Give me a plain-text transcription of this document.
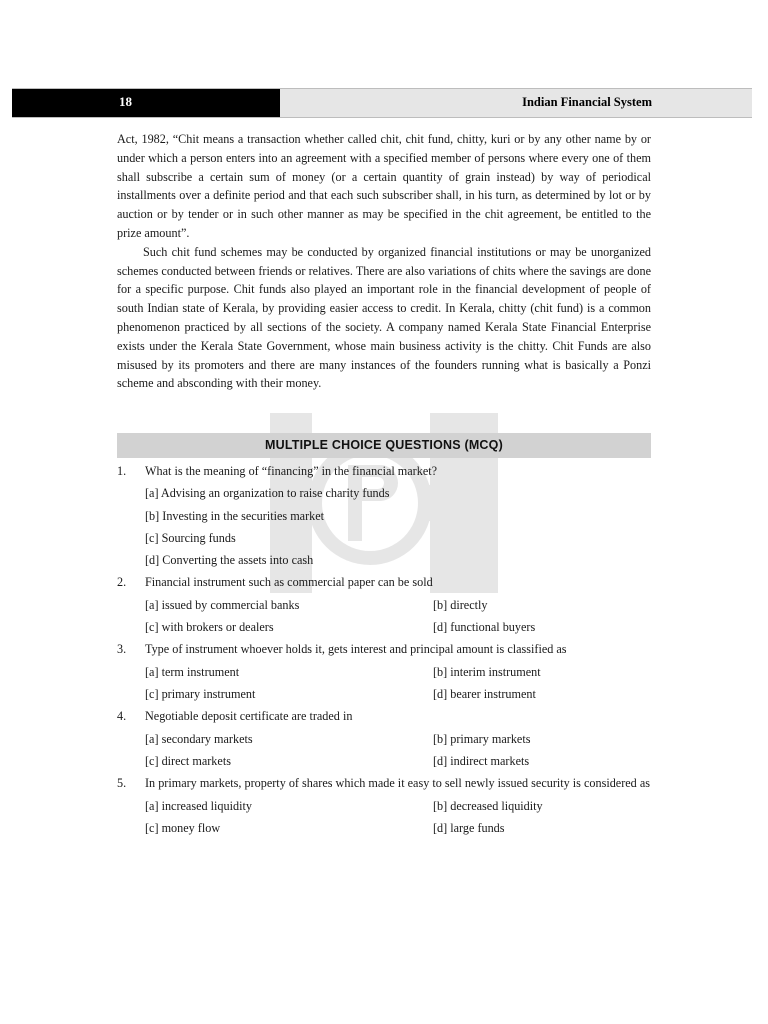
18	Indian Financial System

Act, 1982, “Chit means a transaction whether called chit, chit fund, chitty, kuri or by any other name by or under which a person enters into an agreement with a specified member of persons where every one of them shall subscribe a certain sum of money (or a certain quantity of grain instead) by way of periodical installments over a definite period and that each such subscriber shall, in his turn, as determined by lot or by auction or by tender or in such other manner as may be specified in the chit agreement, be entitled to the prize amount”.

Such chit fund schemes may be conducted by organized financial institutions or may be unorganized schemes conducted between friends or relatives. There are also variations of chits where the savings are done for a specific purpose. Chit funds also played an important role in the financial development of people of south Indian state of Kerala, by providing easier access to credit. In Kerala, chitty (chit fund) is a common phenomenon practiced by all sections of the society. A company named Kerala State Financial Enterprise exists under the Kerala State Government, whose main business activity is the chitty. Chit Funds are also misused by its promoters and there are many instances of the founders running what is basically a Ponzi scheme and absconding with their money.

MULTIPLE CHOICE QUESTIONS (MCQ)
1.	What is the meaning of “financing” in the financial market?
[a] Advising an organization to raise charity funds
[b] Investing in the securities market
[c] Sourcing funds
[d] Converting the assets into cash
2.	Financial instrument such as commercial paper can be sold
[a] issued by commercial banks	[b] directly
[c] with brokers or dealers	[d] functional buyers
3.	Type of instrument whoever holds it, gets interest and principal amount is classified as
[a] term instrument	[b] interim instrument
[c] primary instrument	[d] bearer instrument
4.	Negotiable deposit certificate are traded in
[a] secondary markets	[b] primary markets
[c] direct markets	[d] indirect markets
5.	In primary markets, property of shares which made it easy to sell newly issued security is considered as
[a] increased liquidity	[b] decreased liquidity
[c] money flow	[d] large funds
